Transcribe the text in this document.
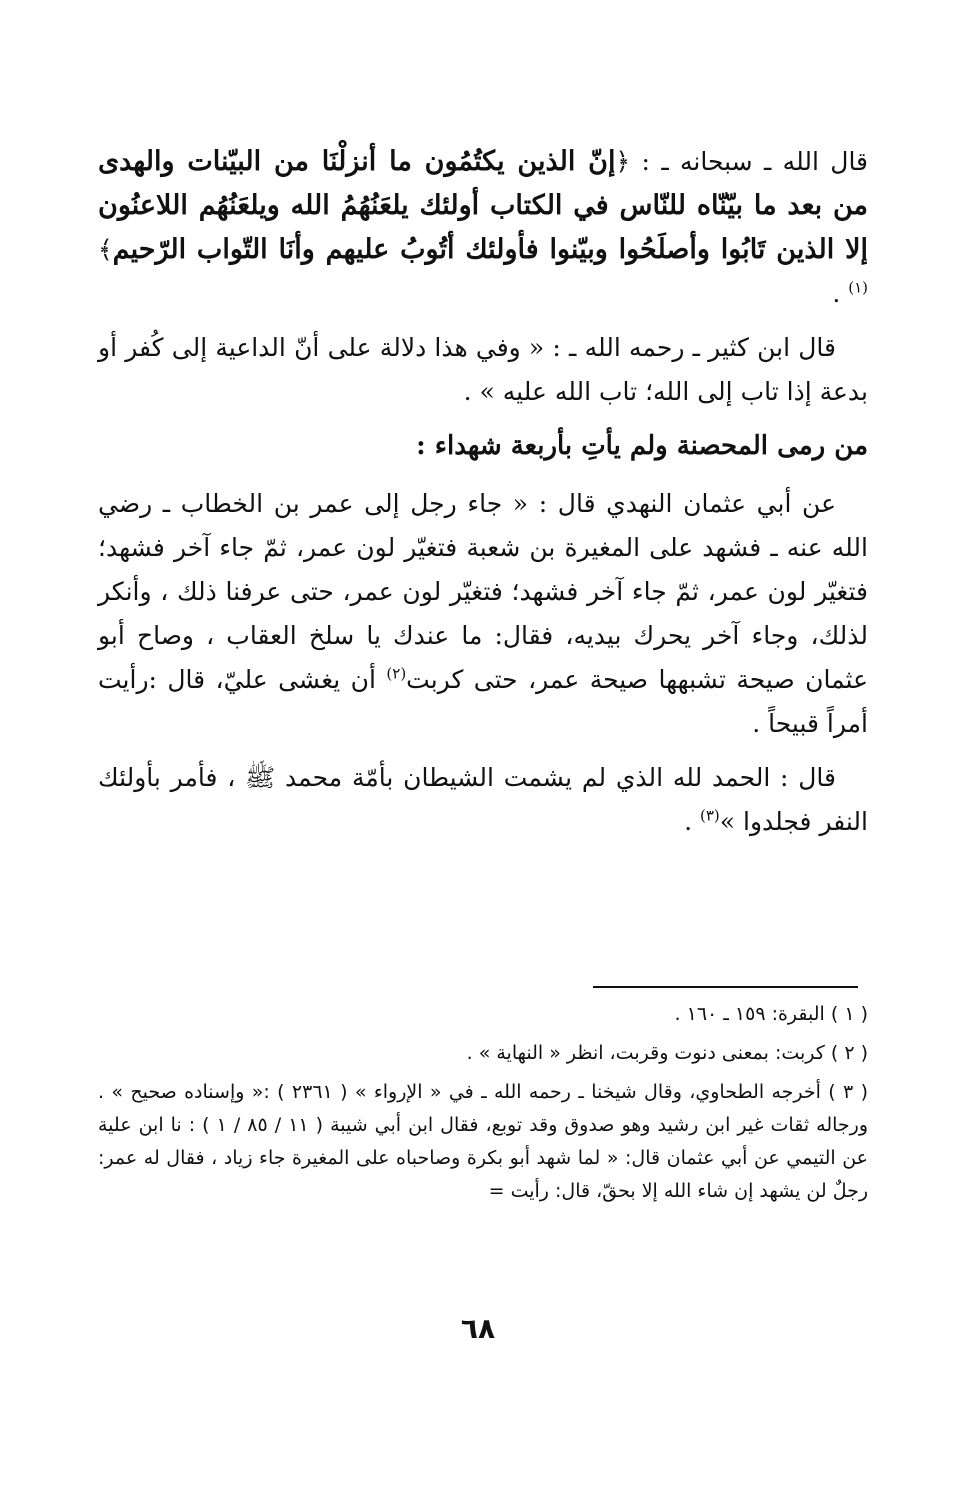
قال الله ـ سبحانه ـ : ﴿إنّ الذين يكتُمُون ما أنزلْنَا من البيّنات والهدى من بعد ما بيّنّاه للنّاس في الكتاب أولئك يلعَنُهُمُ الله ويلعَنُهُم اللاعنُون إلا الذين تَابُوا وأصلَحُوا وبيّنوا فأولئك أتُوبُ عليهم وأنَا التّواب الرّحيم﴾$^{(١)}$ .

قال ابن كثير ـ رحمه الله ـ : « وفي هذا دلالة على أنّ الداعية إلى كُفر أو بدعة إذا تاب إلى الله؛ تاب الله عليه » .

من رمى المحصنة ولم يأتِ بأربعة شهداء :

عن أبي عثمان النهدي قال : « جاء رجل إلى عمر بن الخطاب ـ رضي الله عنه ـ فشهد على المغيرة بن شعبة فتغيّر لون عمر، ثمّ جاء آخر فشهد؛ فتغيّر لون عمر، ثمّ جاء آخر فشهد؛ فتغيّر لون عمر، حتى عرفنا ذلك ، وأنكر لذلك، وجاء آخر يحرك بيديه، فقال: ما عندك يا سلخ العقاب ، وصاح أبو عثمان صيحة تشبهها صيحة عمر، حتى كربت$^{(٢)}$ أن يغشى عليّ، قال :رأيت أمراً قبيحاً .

قال : الحمد لله الذي لم يشمت الشيطان بأمّة محمد ﷺ ، فأمر بأولئك النفر فجلدوا »$^{(٣)}$ .

( ١ ) البقرة: ١٥٩ ـ ١٦٠ .

( ٢ ) كربت: بمعنى دنوت وقربت، انظر « النهاية » .

( ٣ ) أخرجه الطحاوي، وقال شيخنا ـ رحمه الله ـ في « الإرواء » ( ٢٣٦١ ) :« وإسناده صحيح » . ورجاله ثقات غير ابن رشيد وهو صدوق وقد توبع، فقال ابن أبي شيبة ( ١١ / ٨٥ / ١ ) : نا ابن علية عن التيمي عن أبي عثمان قال: « لما شهد أبو بكرة وصاحباه على المغيرة جاء زياد ، فقال له عمر: رجلٌ لن يشهد إن شاء الله إلا بحقّ، قال: رأيت =

٦٨
